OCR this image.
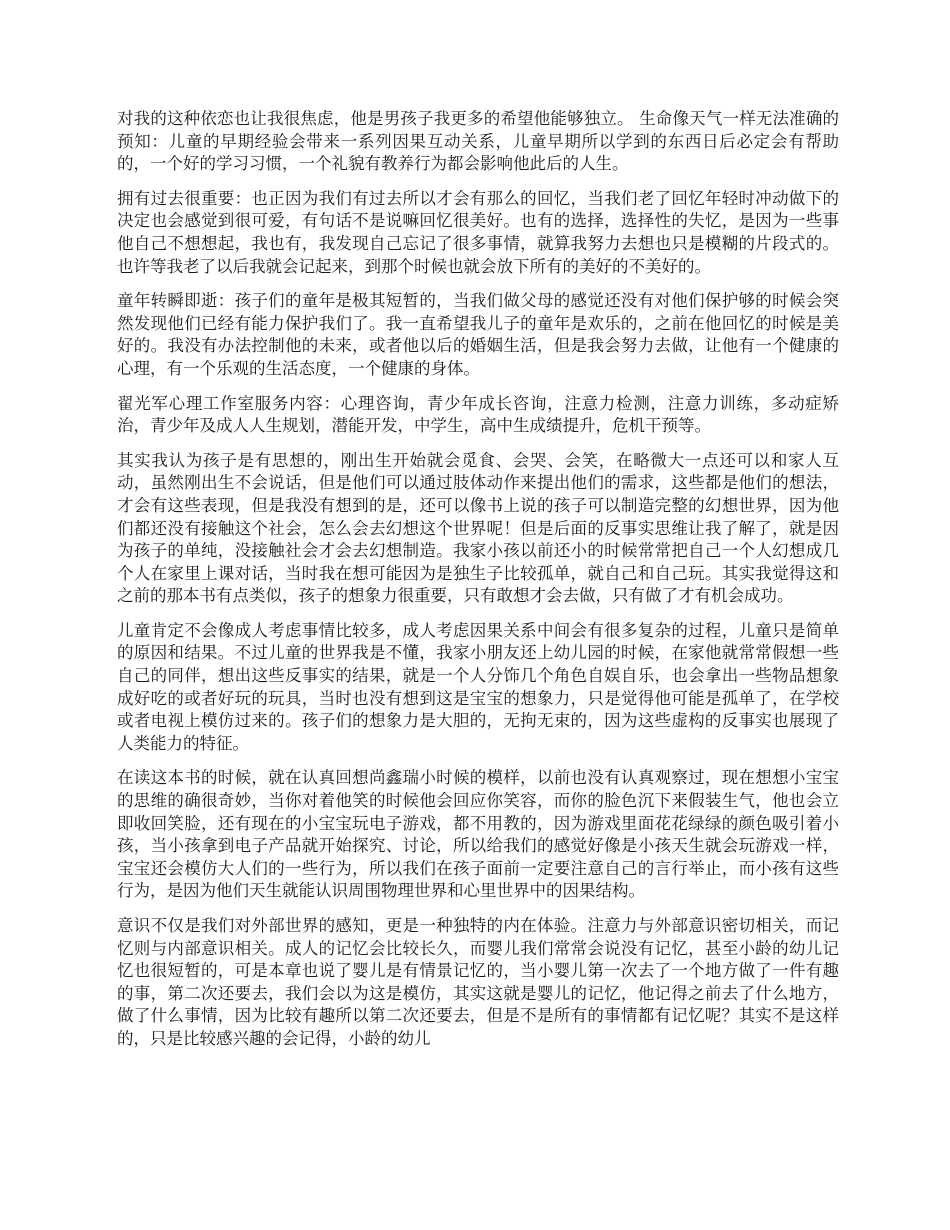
对我的这种依恋也让我很焦虑，他是男孩子我更多的希望他能够独立。 生命像天气一样无法准确的预知：儿童的早期经验会带来一系列因果互动关系，儿童早期所以学到的东西日后必定会有帮助的，一个好的学习习惯，一个礼貌有教养行为都会影响他此后的人生。

拥有过去很重要：也正因为我们有过去所以才会有那么的回忆，当我们老了回忆年轻时冲动做下的决定也会感觉到很可爱，有句话不是说嘛回忆很美好。也有的选择，选择性的失忆，是因为一些事他自己不想想起，我也有，我发现自己忘记了很多事情，就算我努力去想也只是模糊的片段式的。也许等我老了以后我就会记起来，到那个时候也就会放下所有的美好的不美好的。

童年转瞬即逝：孩子们的童年是极其短暂的，当我们做父母的感觉还没有对他们保护够的时候会突然发现他们已经有能力保护我们了。我一直希望我儿子的童年是欢乐的，之前在他回忆的时候是美好的。我没有办法控制他的未来，或者他以后的婚姻生活，但是我会努力去做，让他有一个健康的心理，有一个乐观的生活态度，一个健康的身体。

翟光军心理工作室服务内容：心理咨询，青少年成长咨询，注意力检测，注意力训练，多动症矫治，青少年及成人人生规划，潜能开发，中学生，高中生成绩提升，危机干预等。

其实我认为孩子是有思想的，刚出生开始就会觅食、会哭、会笑，在略微大一点还可以和家人互动，虽然刚出生不会说话，但是他们可以通过肢体动作来提出他们的需求，这些都是他们的想法，才会有这些表现，但是我没有想到的是，还可以像书上说的孩子可以制造完整的幻想世界，因为他们都还没有接触这个社会，怎么会去幻想这个世界呢！但是后面的反事实思维让我了解了，就是因为孩子的单纯，没接触社会才会去幻想制造。我家小孩以前还小的时候常常把自己一个人幻想成几个人在家里上课对话，当时我在想可能因为是独生子比较孤单，就自己和自己玩。其实我觉得这和之前的那本书有点类似，孩子的想象力很重要，只有敢想才会去做，只有做了才有机会成功。

儿童肯定不会像成人考虑事情比较多，成人考虑因果关系中间会有很多复杂的过程，儿童只是简单的原因和结果。不过儿童的世界我是不懂，我家小朋友还上幼儿园的时候，在家他就常常假想一些自己的同伴，想出这些反事实的结果，就是一个人分饰几个角色自娱自乐，也会拿出一些物品想象成好吃的或者好玩的玩具，当时也没有想到这是宝宝的想象力，只是觉得他可能是孤单了，在学校或者电视上模仿过来的。孩子们的想象力是大胆的，无拘无束的，因为这些虚构的反事实也展现了人类能力的特征。

在读这本书的时候，就在认真回想尚鑫瑞小时候的模样，以前也没有认真观察过，现在想想小宝宝的思维的确很奇妙，当你对着他笑的时候他会回应你笑容，而你的脸色沉下来假装生气，他也会立即收回笑脸，还有现在的小宝宝玩电子游戏，都不用教的，因为游戏里面花花绿绿的颜色吸引着小孩，当小孩拿到电子产品就开始探究、讨论，所以给我们的感觉好像是小孩天生就会玩游戏一样，宝宝还会模仿大人们的一些行为，所以我们在孩子面前一定要注意自己的言行举止，而小孩有这些行为，是因为他们天生就能认识周围物理世界和心里世界中的因果结构。

意识不仅是我们对外部世界的感知，更是一种独特的内在体验。注意力与外部意识密切相关，而记忆则与内部意识相关。成人的记忆会比较长久，而婴儿我们常常会说没有记忆，甚至小龄的幼儿记忆也很短暂的，可是本章也说了婴儿是有情景记忆的，当小婴儿第一次去了一个地方做了一件有趣的事，第二次还要去，我们会以为这是模仿，其实这就是婴儿的记忆，他记得之前去了什么地方，做了什么事情，因为比较有趣所以第二次还要去，但是不是所有的事情都有记忆呢？其实不是这样的，只是比较感兴趣的会记得，小龄的幼儿
